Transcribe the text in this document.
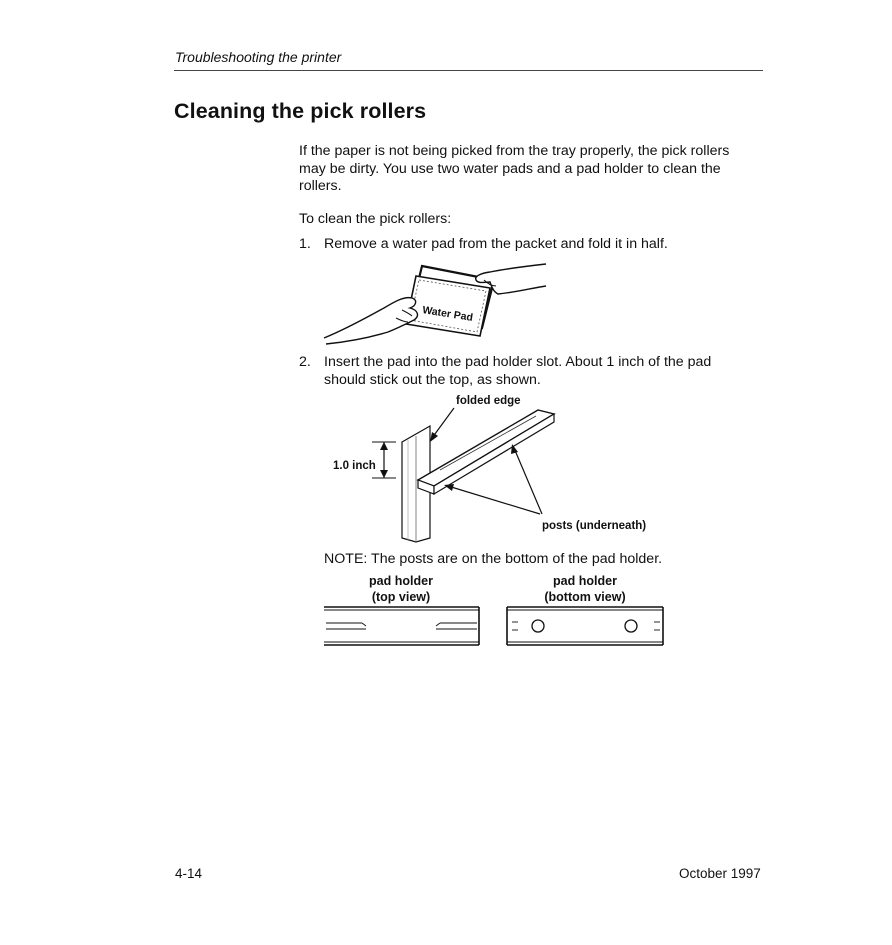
Troubleshooting the printer
Cleaning the pick rollers
If the paper is not being picked from the tray properly, the pick rollers may be dirty. You use two water pads and a pad holder to clean the rollers.
To clean the pick rollers:
1. Remove a water pad from the packet and fold it in half.
Water Pad
2. Insert the pad into the pad holder slot. About 1 inch of the pad should stick out the top, as shown.
1.0 inch
folded edge
posts (underneath)
NOTE: The posts are on the bottom of the pad holder.
pad holder
(top view)
pad holder
(bottom view)
4-14	October 1997
